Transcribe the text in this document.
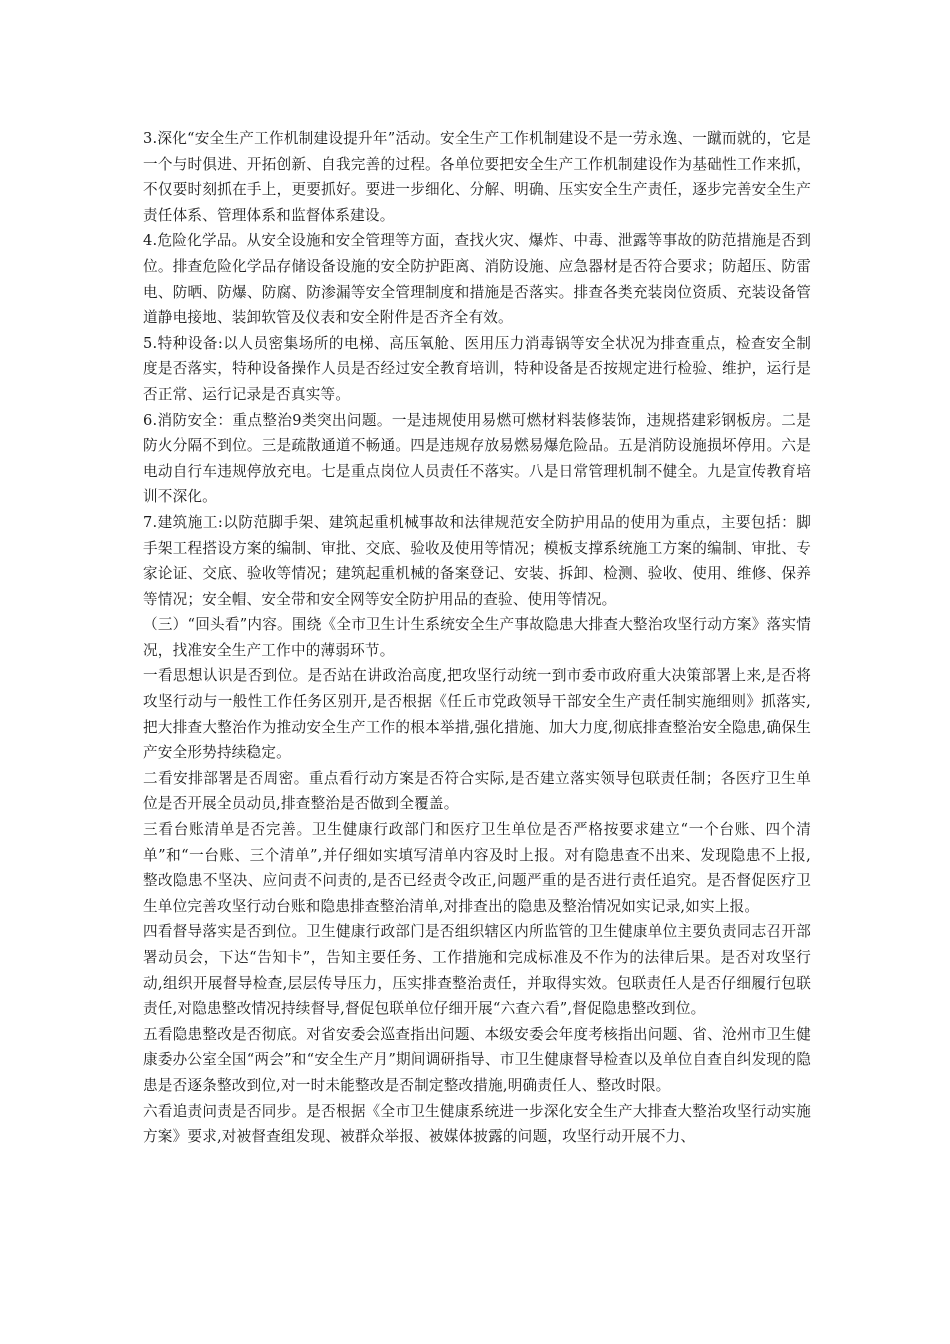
3.深化“安全生产工作机制建设提升年”活动。安全生产工作机制建设不是一劳永逸、一蹴而就的，它是一个与时俱进、开拓创新、自我完善的过程。各单位要把安全生产工作机制建设作为基础性工作来抓，不仅要时刻抓在手上，更要抓好。要进一步细化、分解、明确、压实安全生产责任，逐步完善安全生产责任体系、管理体系和监督体系建设。

4.危险化学品。从安全设施和安全管理等方面，查找火灾、爆炸、中毒、泄露等事故的防范措施是否到位。排查危险化学品存储设备设施的安全防护距离、消防设施、应急器材是否符合要求；防超压、防雷电、防晒、防爆、防腐、防渗漏等安全管理制度和措施是否落实。排查各类充装岗位资质、充装设备管道静电接地、装卸软管及仪表和安全附件是否齐全有效。

5.特种设备:以人员密集场所的电梯、高压氧舱、医用压力消毒锅等安全状况为排查重点，检查安全制度是否落实，特种设备操作人员是否经过安全教育培训，特种设备是否按规定进行检验、维护，运行是否正常、运行记录是否真实等。

6.消防安全：重点整治9类突出问题。一是违规使用易燃可燃材料装修装饰，违规搭建彩钢板房。二是防火分隔不到位。三是疏散通道不畅通。四是违规存放易燃易爆危险品。五是消防设施损坏停用。六是电动自行车违规停放充电。七是重点岗位人员责任不落实。八是日常管理机制不健全。九是宣传教育培训不深化。

7.建筑施工:以防范脚手架、建筑起重机械事故和法律规范安全防护用品的使用为重点，主要包括：脚手架工程搭设方案的编制、审批、交底、验收及使用等情况；模板支撑系统施工方案的编制、审批、专家论证、交底、验收等情况；建筑起重机械的备案登记、安装、拆卸、检测、验收、使用、维修、保养等情况；安全帽、安全带和安全网等安全防护用品的查验、使用等情况。

（三）“回头看”内容。围绕《全市卫生计生系统安全生产事故隐患大排查大整治攻坚行动方案》落实情况，找准安全生产工作中的薄弱环节。

一看思想认识是否到位。是否站在讲政治高度,把攻坚行动统一到市委市政府重大决策部署上来,是否将攻坚行动与一般性工作任务区别开,是否根据《任丘市党政领导干部安全生产责任制实施细则》抓落实,把大排查大整治作为推动安全生产工作的根本举措,强化措施、加大力度,彻底排查整治安全隐患,确保生产安全形势持续稳定。

二看安排部署是否周密。重点看行动方案是否符合实际,是否建立落实领导包联责任制；各医疗卫生单位是否开展全员动员,排查整治是否做到全覆盖。

三看台账清单是否完善。卫生健康行政部门和医疗卫生单位是否严格按要求建立“一个台账、四个清单”和“一台账、三个清单”,并仔细如实填写清单内容及时上报。对有隐患查不出来、发现隐患不上报,整改隐患不坚决、应问责不问责的,是否已经责令改正,问题严重的是否进行责任追究。是否督促医疗卫生单位完善攻坚行动台账和隐患排查整治清单,对排查出的隐患及整治情况如实记录,如实上报。

四看督导落实是否到位。卫生健康行政部门是否组织辖区内所监管的卫生健康单位主要负责同志召开部署动员会，下达“告知卡”，告知主要任务、工作措施和完成标准及不作为的法律后果。是否对攻坚行动,组织开展督导检查,层层传导压力，压实排查整治责任，并取得实效。包联责任人是否仔细履行包联责任,对隐患整改情况持续督导,督促包联单位仔细开展“六查六看”,督促隐患整改到位。

五看隐患整改是否彻底。对省安委会巡查指出问题、本级安委会年度考核指出问题、省、沧州市卫生健康委办公室全国“两会”和“安全生产月”期间调研指导、市卫生健康督导检查以及单位自查自纠发现的隐患是否逐条整改到位,对一时未能整改是否制定整改措施,明确责任人、整改时限。

六看追责问责是否同步。是否根据《全市卫生健康系统进一步深化安全生产大排查大整治攻坚行动实施方案》要求,对被督查组发现、被群众举报、被媒体披露的问题，攻坚行动开展不力、
